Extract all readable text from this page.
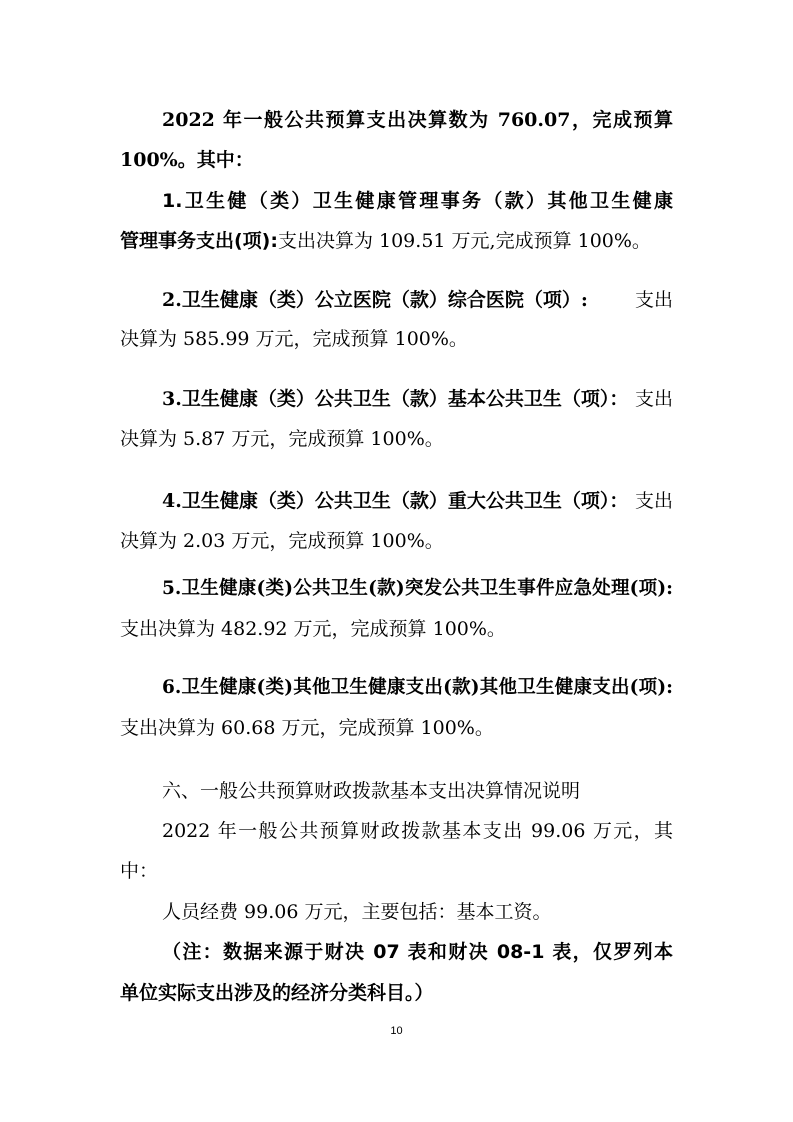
2022 年一般公共预算支出决算数为 760.07，完成预算
100%。其中：
1.卫生健（类）卫生健康管理事务（款）其他卫生健康
管理事务支出(项):支出决算为 109.51 万元,完成预算 100%。
2.卫生健康（类）公立医院（款）综合医院（项）: 支出
决算为 585.99 万元，完成预算 100%。
3.卫生健康（类）公共卫生（款）基本公共卫生（项）： 支出
决算为 5.87 万元，完成预算 100%。
4.卫生健康（类）公共卫生（款）重大公共卫生（项）： 支出
决算为 2.03 万元，完成预算 100%。
5.卫生健康(类)公共卫生(款)突发公共卫生事件应急处理(项):
支出决算为 482.92 万元，完成预算 100%。
6.卫生健康(类)其他卫生健康支出(款)其他卫生健康支出(项):
支出决算为 60.68 万元，完成预算 100%。
六、一般公共预算财政拨款基本支出决算情况说明
2022 年一般公共预算财政拨款基本支出 99.06 万元，其
中：
人员经费 99.06 万元，主要包括：基本工资。
（注：数据来源于财决 07 表和财决 08-1 表，仅罗列本
单位实际支出涉及的经济分类科目。）
10
